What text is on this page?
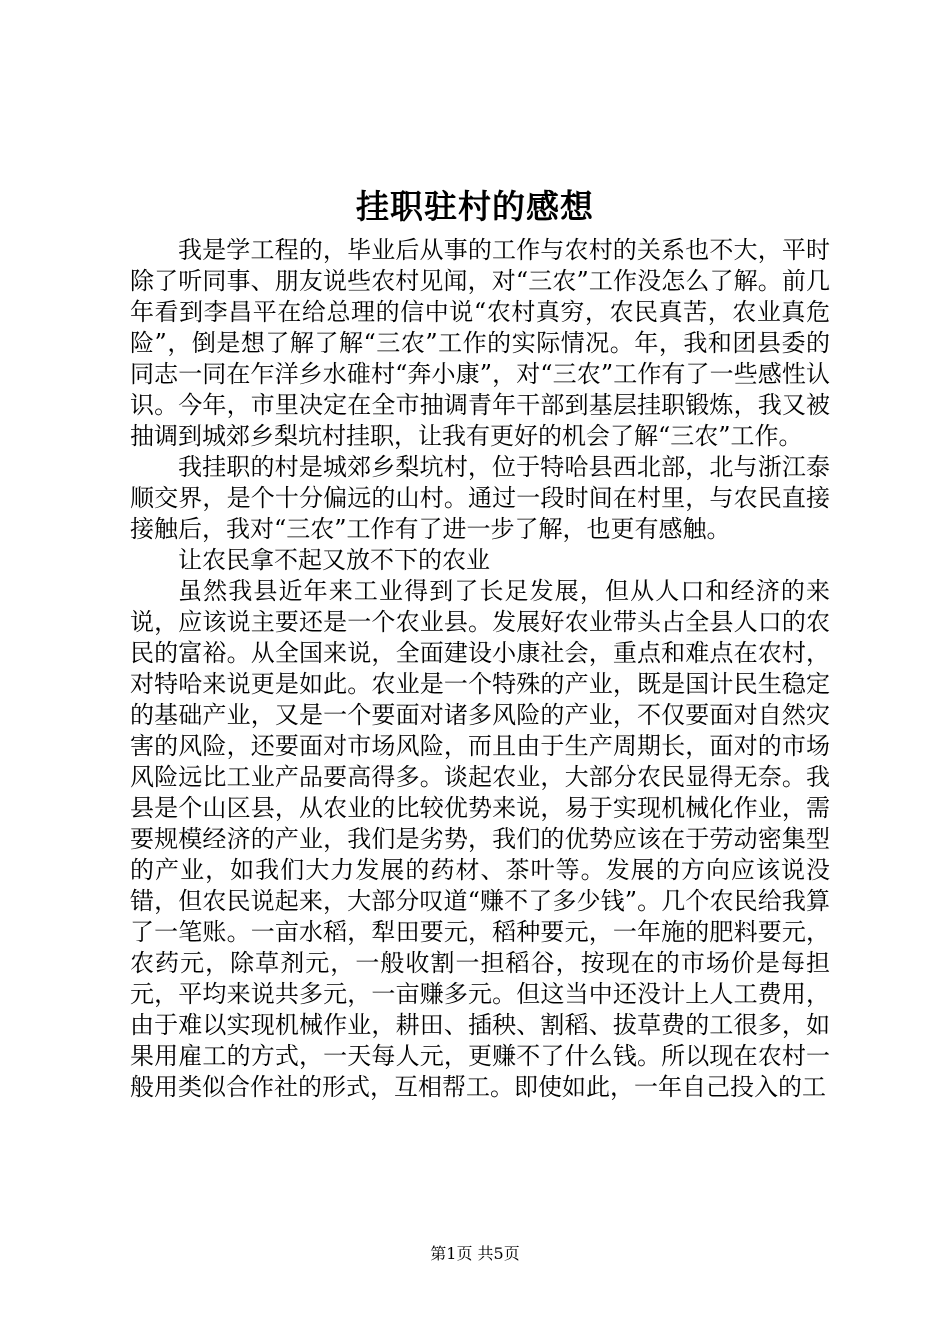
挂职驻村的感想

我是学工程的，毕业后从事的工作与农村的关系也不大，平时除了听同事、朋友说些农村见闻，对“三农”工作没怎么了解。前几年看到李昌平在给总理的信中说“农村真穷，农民真苦，农业真危险”，倒是想了解了解“三农”工作的实际情况。年，我和团县委的同志一同在乍洋乡水碓村“奔小康”，对“三农”工作有了一些感性认识。今年，市里决定在全市抽调青年干部到基层挂职锻炼，我又被抽调到城郊乡梨坑村挂职，让我有更好的机会了解“三农”工作。

我挂职的村是城郊乡梨坑村，位于特哈县西北部，北与浙江泰顺交界，是个十分偏远的山村。通过一段时间在村里，与农民直接接触后，我对“三农”工作有了进一步了解，也更有感触。

让农民拿不起又放不下的农业

虽然我县近年来工业得到了长足发展，但从人口和经济的来说，应该说主要还是一个农业县。发展好农业带头占全县人口的农民的富裕。从全国来说，全面建设小康社会，重点和难点在农村，对特哈来说更是如此。农业是一个特殊的产业，既是国计民生稳定的基础产业，又是一个要面对诸多风险的产业，不仅要面对自然灾害的风险，还要面对市场风险，而且由于生产周期长，面对的市场风险远比工业产品要高得多。谈起农业，大部分农民显得无奈。我县是个山区县，从农业的比较优势来说，易于实现机械化作业，需要规模经济的产业，我们是劣势，我们的优势应该在于劳动密集型的产业，如我们大力发展的药材、茶叶等。发展的方向应该说没错，但农民说起来，大部分叹道“赚不了多少钱”。几个农民给我算了一笔账。一亩水稻，犁田要元，稻种要元，一年施的肥料要元，农药元，除草剂元，一般收割一担稻谷，按现在的市场价是每担元，平均来说共多元，一亩赚多元。但这当中还没计上人工费用，由于难以实现机械作业，耕田、插秧、割稻、拔草费的工很多，如果用雇工的方式，一天每人元，更赚不了什么钱。所以现在农村一般用类似合作社的形式，互相帮工。即使如此，一年自己投入的工

第1页 共5页
